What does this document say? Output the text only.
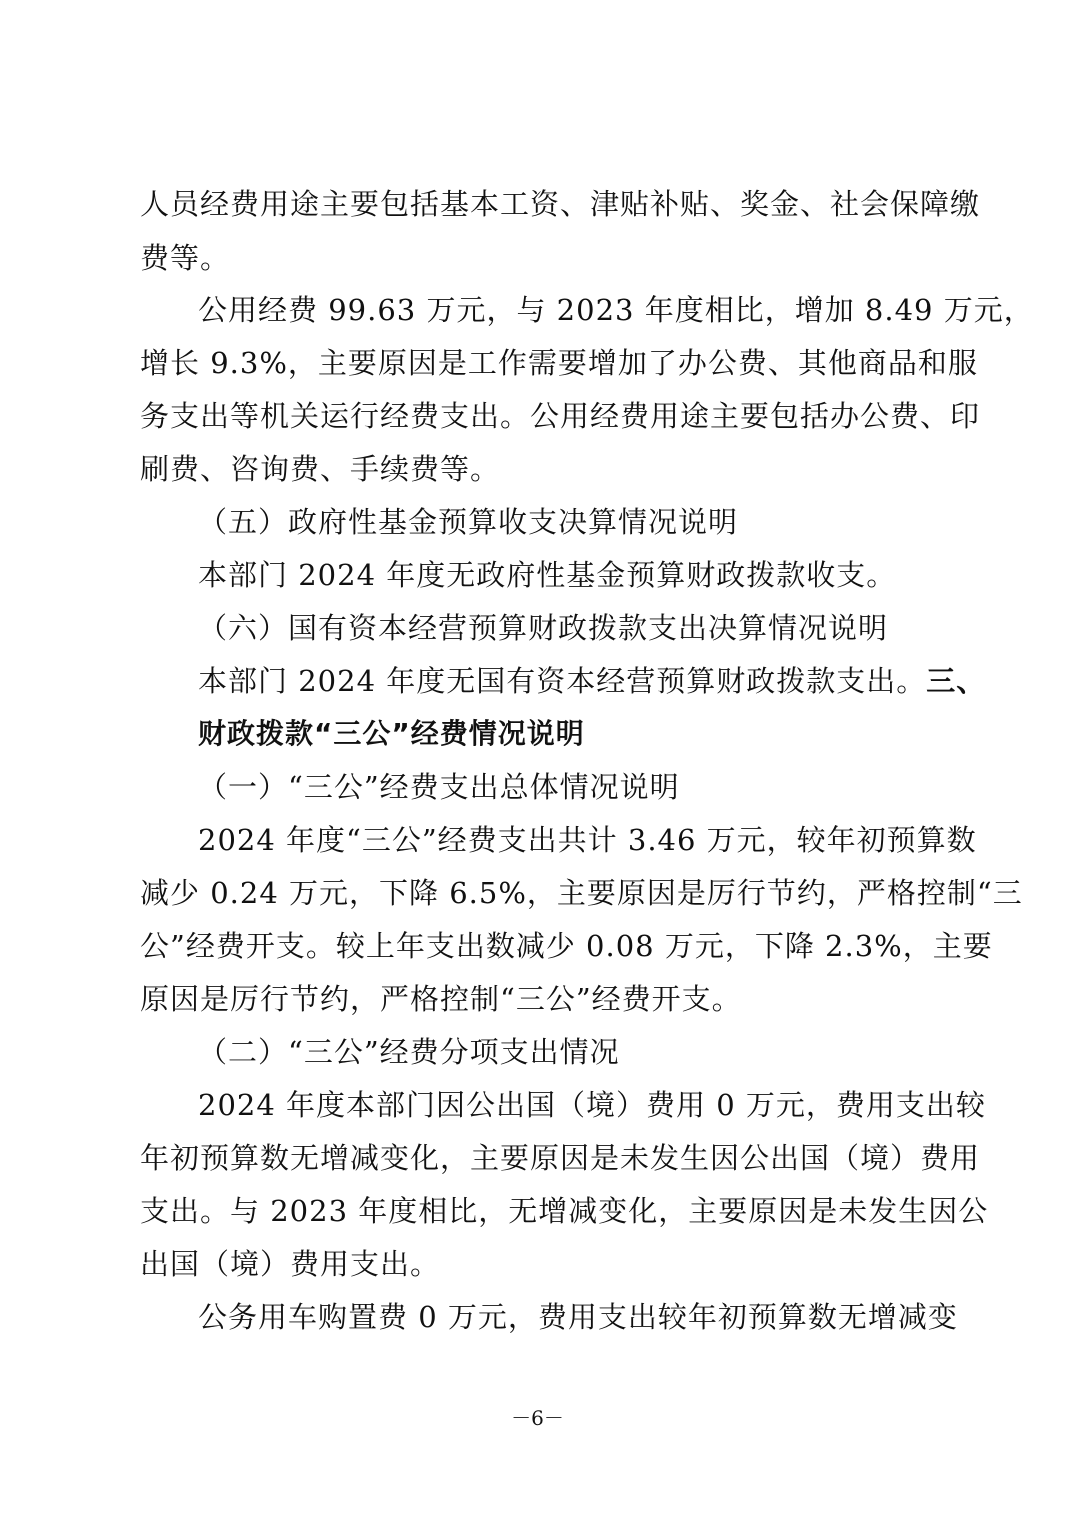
人员经费用途主要包括基本工资、津贴补贴、奖金、社会保障缴
费等。
公用经费 99.63 万元，与 2023 年度相比，增加 8.49 万元，
增长 9.3%，主要原因是工作需要增加了办公费、其他商品和服
务支出等机关运行经费支出。公用经费用途主要包括办公费、印
刷费、咨询费、手续费等。
（五）政府性基金预算收支决算情况说明
本部门 2024 年度无政府性基金预算财政拨款收支。
（六）国有资本经营预算财政拨款支出决算情况说明
本部门 2024 年度无国有资本经营预算财政拨款支出。三、
财政拨款“三公”经费情况说明
（一）“三公”经费支出总体情况说明
2024 年度“三公”经费支出共计 3.46 万元，较年初预算数
减少 0.24 万元，下降 6.5%，主要原因是厉行节约，严格控制“三
公”经费开支。较上年支出数减少 0.08 万元，下降 2.3%，主要
原因是厉行节约，严格控制“三公”经费开支。
（二）“三公”经费分项支出情况
2024 年度本部门因公出国（境）费用 0 万元，费用支出较
年初预算数无增减变化，主要原因是未发生因公出国（境）费用
支出。与 2023 年度相比，无增减变化，主要原因是未发生因公
出国（境）费用支出。
公务用车购置费 0 万元，费用支出较年初预算数无增减变
－6－
